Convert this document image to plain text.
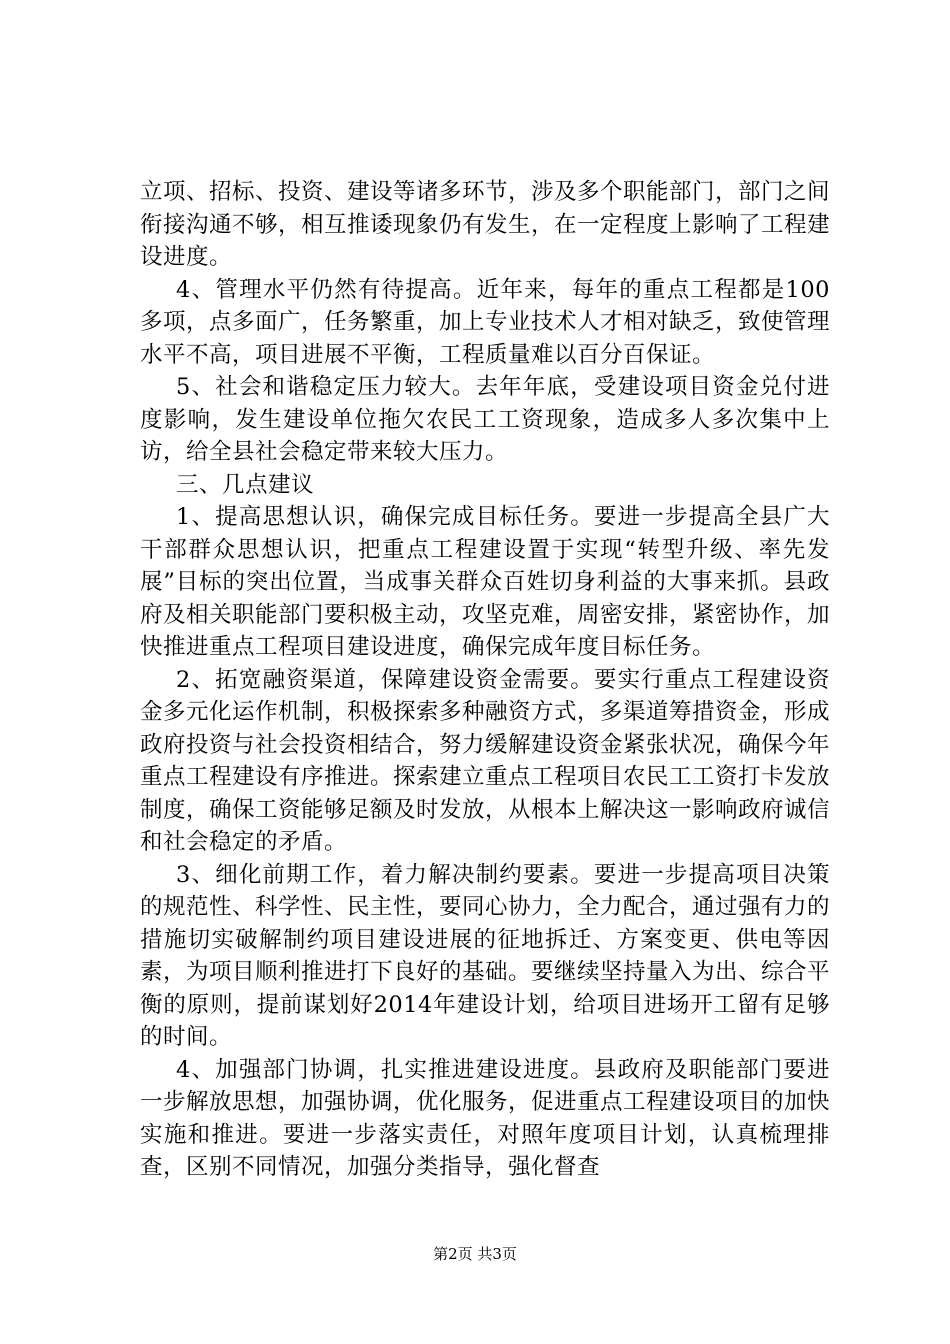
立项、招标、投资、建设等诸多环节，涉及多个职能部门，部门之间衔接沟通不够，相互推诿现象仍有发生，在一定程度上影响了工程建设进度。

4、管理水平仍然有待提高。近年来，每年的重点工程都是100多项，点多面广，任务繁重，加上专业技术人才相对缺乏，致使管理水平不高，项目进展不平衡，工程质量难以百分百保证。

5、社会和谐稳定压力较大。去年年底，受建设项目资金兑付进度影响，发生建设单位拖欠农民工工资现象，造成多人多次集中上访，给全县社会稳定带来较大压力。

三、几点建议

1、提高思想认识，确保完成目标任务。要进一步提高全县广大干部群众思想认识，把重点工程建设置于实现“转型升级、率先发展”目标的突出位置，当成事关群众百姓切身利益的大事来抓。县政府及相关职能部门要积极主动，攻坚克难，周密安排，紧密协作，加快推进重点工程项目建设进度，确保完成年度目标任务。

2、拓宽融资渠道，保障建设资金需要。要实行重点工程建设资金多元化运作机制，积极探索多种融资方式，多渠道筹措资金，形成政府投资与社会投资相结合，努力缓解建设资金紧张状况，确保今年重点工程建设有序推进。探索建立重点工程项目农民工工资打卡发放制度，确保工资能够足额及时发放，从根本上解决这一影响政府诚信和社会稳定的矛盾。

3、细化前期工作，着力解决制约要素。要进一步提高项目决策的规范性、科学性、民主性，要同心协力，全力配合，通过强有力的措施切实破解制约项目建设进展的征地拆迁、方案变更、供电等因素，为项目顺利推进打下良好的基础。要继续坚持量入为出、综合平衡的原则，提前谋划好2014年建设计划，给项目进场开工留有足够的时间。

4、加强部门协调，扎实推进建设进度。县政府及职能部门要进一步解放思想，加强协调，优化服务，促进重点工程建设项目的加快实施和推进。要进一步落实责任，对照年度项目计划，认真梳理排查，区别不同情况，加强分类指导，强化督查

第2页 共3页
